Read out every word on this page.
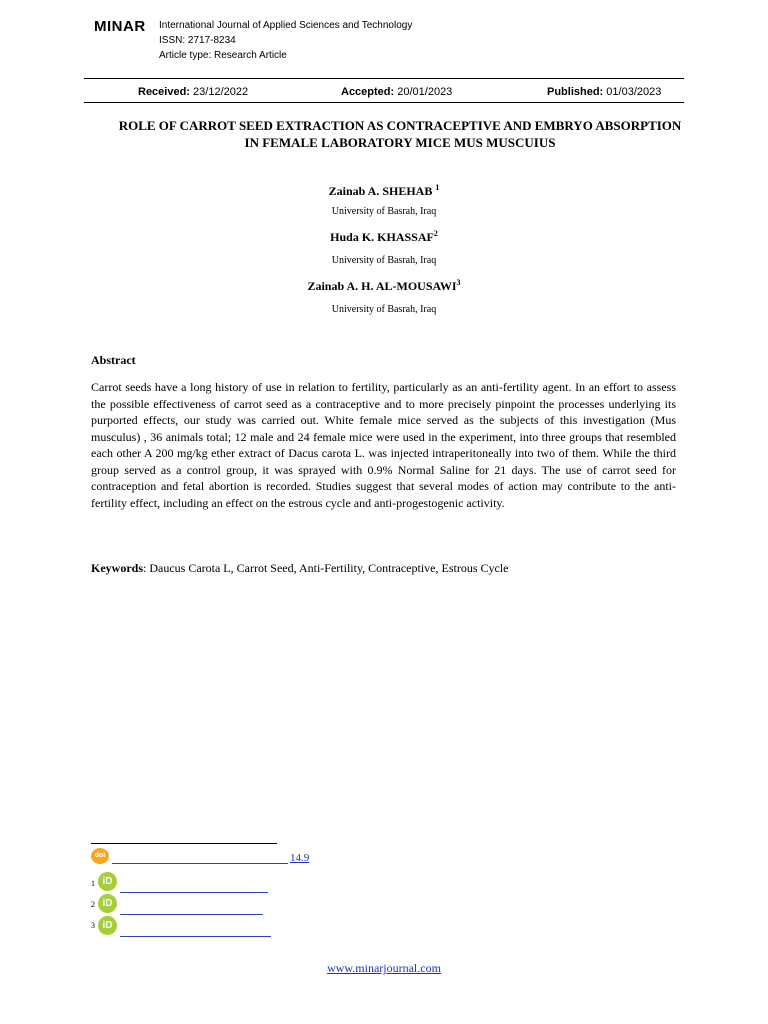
MINAR International Journal of Applied Sciences and Technology
ISSN: 2717-8234
Article type: Research Article
Received: 23/12/2022	Accepted: 20/01/2023	Published: 01/03/2023
ROLE OF CARROT SEED EXTRACTION AS CONTRACEPTIVE AND EMBRYO ABSORPTION
IN FEMALE LABORATORY MICE MUS MUSCUIUS
Zainab A. SHEHAB $^1$
University of Basrah, Iraq
Huda K. KHASSAF$^2$
University of Basrah, Iraq
Zainab A. H. AL-MOUSAWI$^3$
University of Basrah, Iraq
Abstract

Carrot seeds have a long history of use in relation to fertility, particularly as an anti-fertility agent. In an effort to assess the possible effectiveness of carrot seed as a contraceptive and to more precisely pinpoint the processes underlying its purported effects, our study was carried out. White female mice served as the subjects of this investigation (Mus musculus) , 36 animals total; 12 male and 24 female mice were used in the experiment, into three groups that resembled each other A 200 mg/kg ether extract of Dacus carota L. was injected intraperitoneally into two of them. While the third group served as a control group, it was sprayed with 0.9% Normal Saline for 21 days. The use of carrot seed for contraception and fetal abortion is recorded. Studies suggest that several modes of action may contribute to the anti-fertility effect, including an effect on the estrous cycle and anti-progestogenic activity.

Keywords: Daucus Carota L, Carrot Seed, Anti-Fertility, Contraceptive, Estrous Cycle
doi	14.9
1 iD
2 iD
3 iD
www.minarjournal.com
